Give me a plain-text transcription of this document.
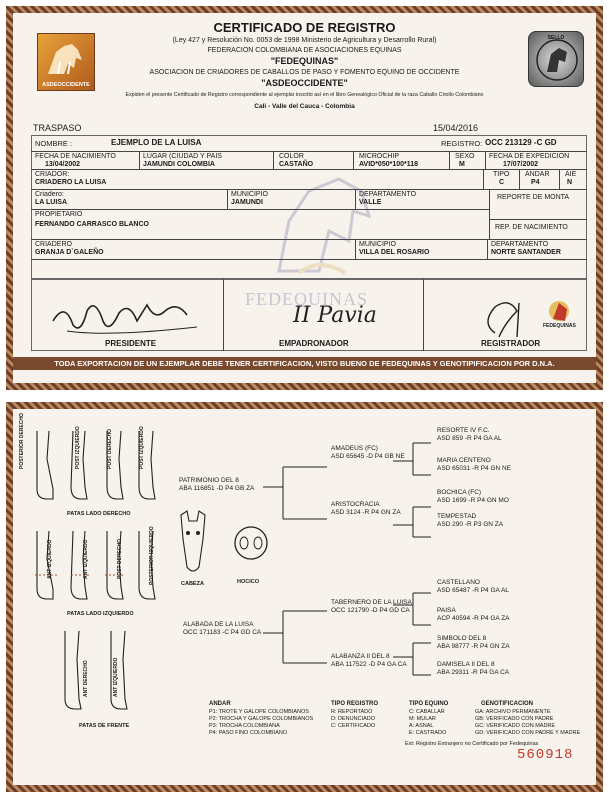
ASDEOCCIDENTE
SELLO
CERTIFICADO DE REGISTRO
(Ley 427 y Resolución No. 0053 de 1998 Ministerio de Agricultura y Desarrollo Rural)
FEDERACION COLOMBIANA DE ASOCIACIONES EQUINAS
"FEDEQUINAS"
ASOCIACION DE CRIADORES DE CABALLOS DE PASO Y FOMENTO EQUINO DE OCCIDENTE
"ASDEOCCIDENTE"
Expiden el presente Certificado de Registro correspondiente al ejemplar inscrito así en el libro Genealógico Oficial de la raza Caballo Criollo Colombiano
Cali - Valle del Cauca - Colombia
TRASPASO	15/04/2016
NOMBRE :	EJEMPLO DE LA LUISA	REGISTRO: OCC 213129 -C GD
FECHA DE NACIMIENTO
13/04/2002
LUGAR (CIUDAD Y PAIS
JAMUNDI COLOMBIA
COLOR
CASTAÑO
MICROCHIP
AVID*050*100*118
SEXO
M
FECHA DE EXPEDICION
17/07/2002
CRIADOR:
CRIADERO LA LUISA
TIPO
C
ANDAR
P4
AIE
N
Criadero:
LA LUISA
MUNICIPIO
JAMUNDI
DEPARTAMENTO
VALLE
REPORTE DE MONTA
PROPIETARIO
FERNANDO CARRASCO BLANCO	REP. DE NACIMIENTO
CRIADERO
GRANJA D`GALEÑO
MUNICIPIO
VILLA DEL ROSARIO
DEPARTAMENTO
NORTE SANTANDER
FEDEQUINAS
II Pavia	FEDEQUINAS
PRESIDENTE	EMPADRONADOR	REGISTRADOR
TODA EXPORTACION DE UN EJEMPLAR DEBE TENER CERTIFICACION, VISTO BUENO DE FEDEQUINAS Y GENOTIPIFICACION POR D.N.A.
POSTERIOR DERECHO	POST IZQUIERDO	POST DERECHO	POST IZQUIERDO
PATAS LADO DERECHO
ANT IZQUIERDO	ANT IZQUIERDO	POST DERECHO	POSTERIOR IZQUIERDO
PATAS LADO IZQUIERDO
ANT DERECHO	ANT IZQUIERDO
PATAS DE FRENTE
CABEZA	HOCICO
PATRIMONIO DEL 8
ABA 116851 -D P4 GB ZA
ALABADA DE LA LUISA
OCC 171183 -C P4 GD CA
AMADEUS (FC)
ASD 65645 -D P4 GB NE
ARISTOCRACIA
ASD 3124 -R P4 GN ZA
TABERNERO DE LA LUISA
OCC 121790 -D P4 GD CA
ALABANZA II DEL 8
ABA 117522 -D P4 GA CA
RESORTE IV F.C.
ASD 859 -R P4 GA AL
MARIA CENTENO
ASD 65031 -R P4 GN NE
BOCHICA (FC)
ASD 1699 -R P4 GN MO
TEMPESTAD
ASD 290 -R P3 GN ZA
CASTELLANO
ASD 65487 -R P4 GA AL
PAISA
ACP 40594 -R P4 GA ZA
SIMBOLO DEL 8
ABA 98777 -R P4 GN ZA
DAMISELA II DEL 8
ABA 29311 -R P4 GA CA
ANDAR
P1: TROTE Y GALOPE COLOMBIANOS
P2: TROCHA Y GALOPE COLOMBIANOS
P3: TROCHA COLOMBIANA
P4: PASO FINO COLOMBIANO
TIPO REGISTRO
R: REPORTADO
D: DENUNCIADO
C: CERTIFICADO
TIPO EQUINO
C: CABALLAR
M: MULAR
A: ASNAL
E: CASTRADO
GENOTIFICACION
GA: ARCHIVO PERMANENTE
GB: VERIFICADO CON PADRE
GC: VERIFICADO CON MADRE
GD: VERIFICADO CON PADRE Y MADRE
Ext: Registro Extranjero no Certificado por Fedequinas
560918
